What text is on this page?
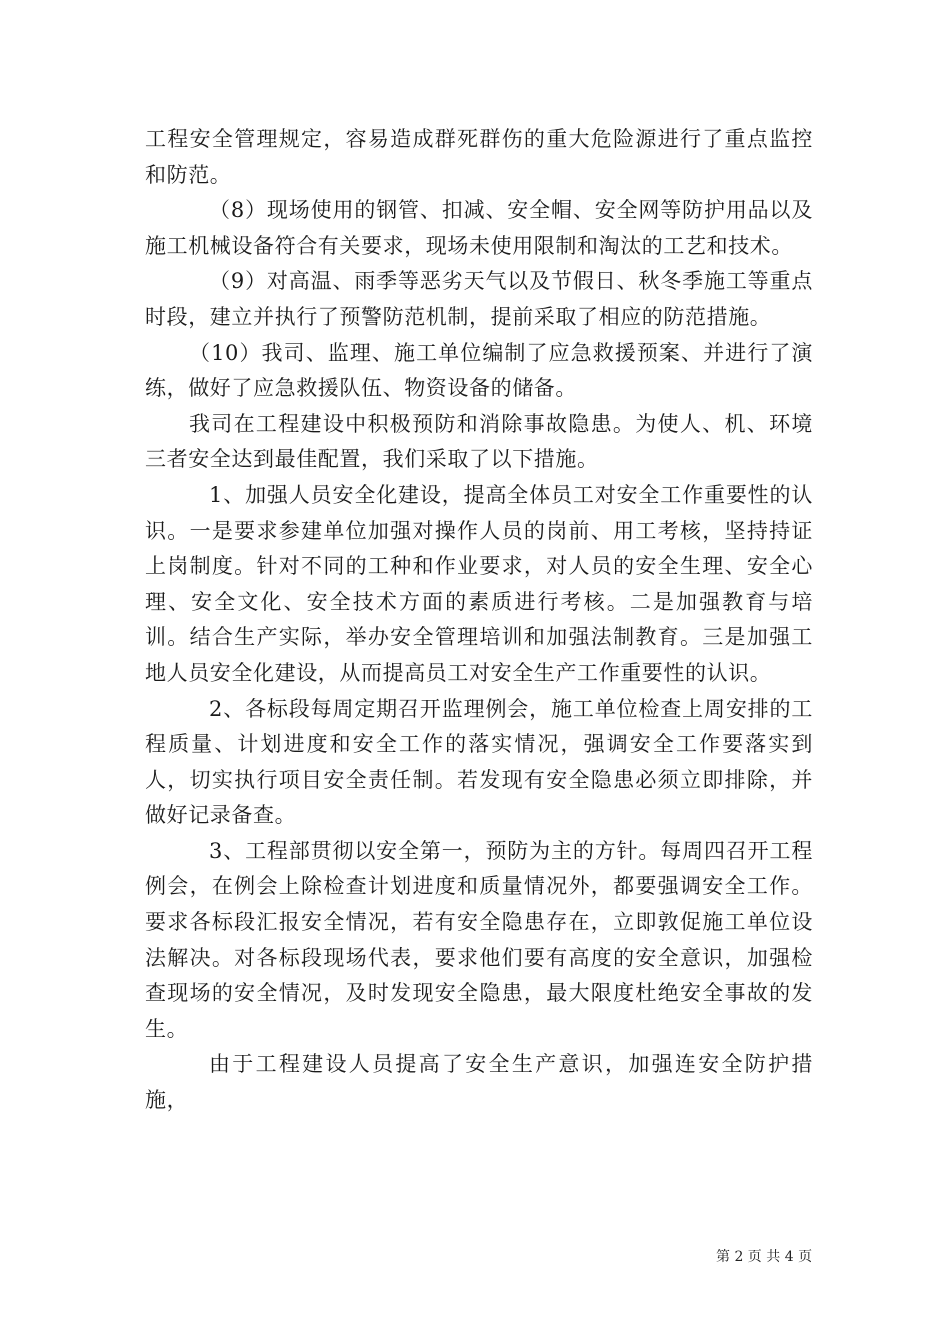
工程安全管理规定，容易造成群死群伤的重大危险源进行了重点监控和防范。

（8）现场使用的钢管、扣减、安全帽、安全网等防护用品以及施工机械设备符合有关要求，现场未使用限制和淘汰的工艺和技术。

（9）对高温、雨季等恶劣天气以及节假日、秋冬季施工等重点时段，建立并执行了预警防范机制，提前采取了相应的防范措施。

（10）我司、监理、施工单位编制了应急救援预案、并进行了演练，做好了应急救援队伍、物资设备的储备。

我司在工程建设中积极预防和消除事故隐患。为使人、机、环境三者安全达到最佳配置，我们采取了以下措施。

1、加强人员安全化建设，提高全体员工对安全工作重要性的认识。一是要求参建单位加强对操作人员的岗前、用工考核，坚持持证上岗制度。针对不同的工种和作业要求，对人员的安全生理、安全心理、安全文化、安全技术方面的素质进行考核。二是加强教育与培训。结合生产实际，举办安全管理培训和加强法制教育。三是加强工地人员安全化建设，从而提高员工对安全生产工作重要性的认识。

2、各标段每周定期召开监理例会，施工单位检查上周安排的工程质量、计划进度和安全工作的落实情况，强调安全工作要落实到人，切实执行项目安全责任制。若发现有安全隐患必须立即排除，并做好记录备查。

3、工程部贯彻以安全第一，预防为主的方针。每周四召开工程例会，在例会上除检查计划进度和质量情况外，都要强调安全工作。要求各标段汇报安全情况，若有安全隐患存在，立即敦促施工单位设法解决。对各标段现场代表，要求他们要有高度的安全意识，加强检查现场的安全情况，及时发现安全隐患，最大限度杜绝安全事故的发生。

由于工程建设人员提高了安全生产意识，加强连安全防护措施，

第 2 页 共 4 页
